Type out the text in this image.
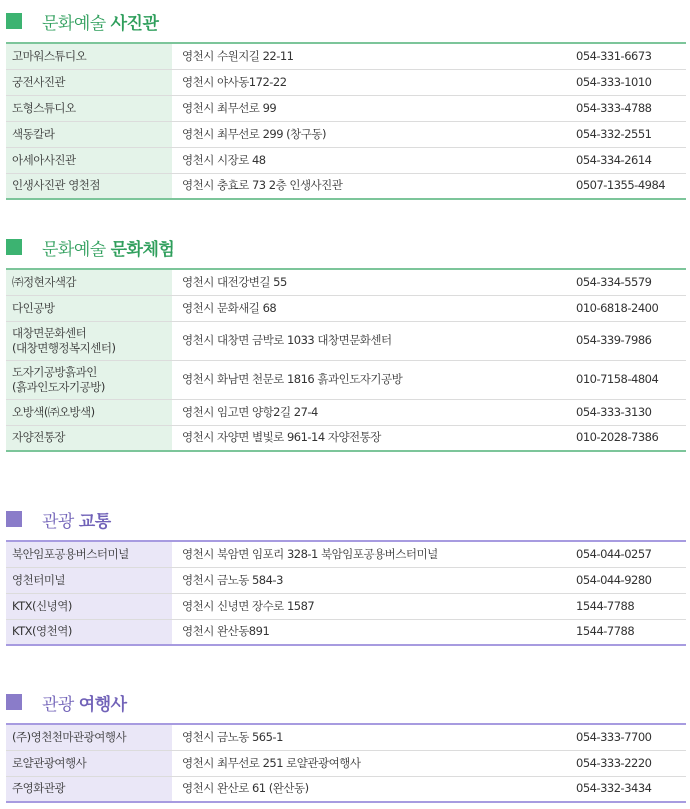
문화예술 사진관
고마워스튜디오	영천시 수원지길 22-11	054-331-6673
궁전사진관	영천시 야사동172-22	054-333-1010
도형스튜디오	영천시 최무선로 99	054-333-4788
색동칼라	영천시 최무선로 299 (창구동)	054-332-2551
아세아사진관	영천시 시장로 48	054-334-2614
인생사진관 영천점	영천시 충효로 73 2층 인생사진관	0507-1355-4984
문화예술 문화체험
㈜정현자색감	영천시 대전강변길 55	054-334-5579
다인공방	영천시 문화새길 68	010-6818-2400

대창면문화센터
(대창면행정복지센터)	영천시 대창면 금박로 1033 대창면문화센터	054-339-7986

도자기공방흙과인
(흙과인도자기공방)	영천시 화남면 천문로 1816 흙과인도자기공방	010-7158-4804
오방색(㈜오방색)	영천시 임고면 양항2길 27-4	054-333-3130
자양전통장	영천시 자양면 별빛로 961-14 자양전통장	010-2028-7386
관광 교통
북안임포공용버스터미널	영천시 북암면 임포리 328-1 북암임포공용버스터미널	054-044-0257
영천터미널	영천시 금노동 584-3	054-044-9280
KTX(신녕역)	영천시 신녕면 장수로 1587	1544-7788
KTX(영천역)	영천시 완산동891	1544-7788
관광 여행사
(주)영천천마관광여행사	영천시 금노동 565-1	054-333-7700
로얄관광여행사	영천시 최무선로 251 로얄관광여행사	054-333-2220
주영화관광	영천시 완산로 61 (완산동)	054-332-3434
